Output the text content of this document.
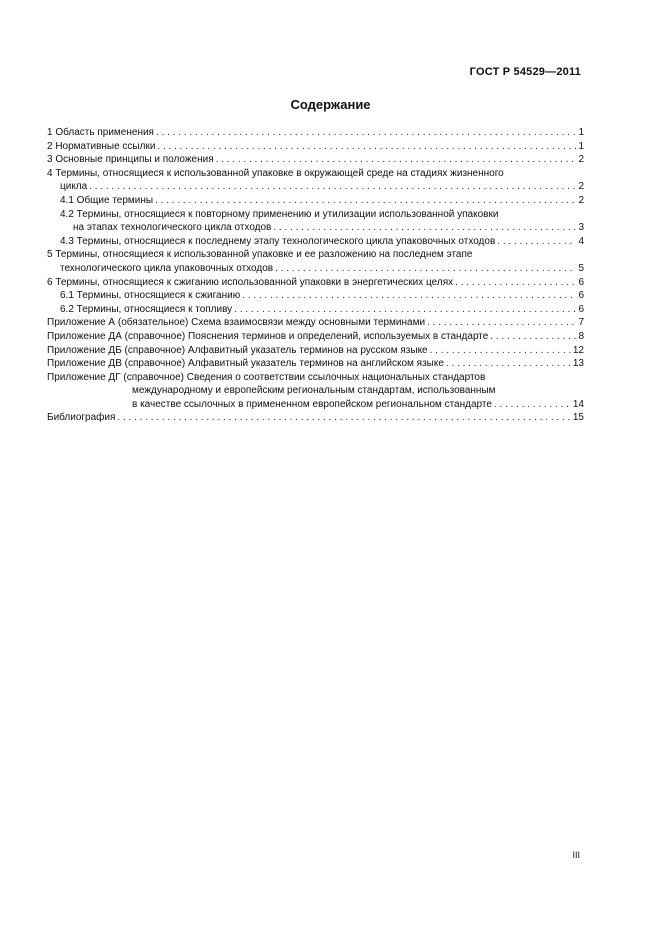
ГОСТ Р 54529—2011
Содержание
1 Область применения . . .	1
2 Нормативные ссылки . . .	1
3 Основные принципы и положения . . .	2
4 Термины, относящиеся к использованной упаковке в окружающей среде на стадиях жизненного
цикла . . .	2
4.1 Общие термины . . .	2
4.2 Термины, относящиеся к повторному применению и утилизации использованной упаковки
на этапах технологического цикла отходов . . .	3
4.3 Термины, относящиеся к последнему этапу технологического цикла упаковочных отходов . . .	4
5 Термины, относящиеся к использованной упаковке и ее разложению на последнем этапе
технологического цикла упаковочных отходов . . .	5
6 Термины, относящиеся к сжиганию использованной упаковки в энергетических целях . . .	6
6.1 Термины, относящиеся к сжиганию . . .	6
6.2 Термины, относящиеся к топливу . . .	6
Приложение А (обязательное) Схема взаимосвязи между основными терминами . . .	7
Приложение ДА (справочное) Пояснения терминов и определений, используемых в стандарте . . .	8
Приложение ДБ (справочное) Алфавитный указатель терминов на русском языке . . .	12
Приложение ДВ (справочное) Алфавитный указатель терминов на английском языке . . .	13
Приложение ДГ (справочное) Сведения о соответствии ссылочных национальных стандартов
международному и европейским региональным стандартам, использованным
в качестве ссылочных в примененном европейском региональном стандарте . . .	14
Библиография . . .	15
III
